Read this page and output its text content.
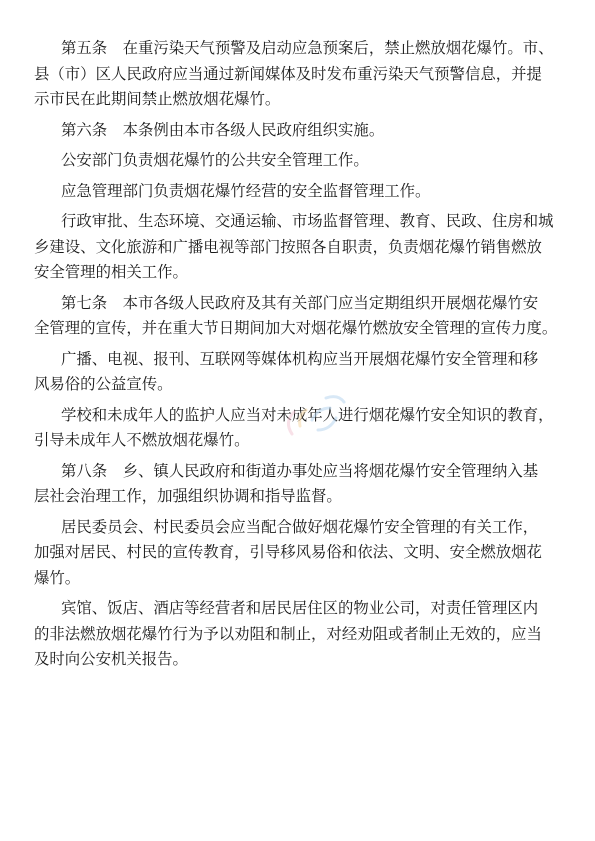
第五条　在重污染天气预警及启动应急预案后，禁止燃放烟花爆竹。市、
县（市）区人民政府应当通过新闻媒体及时发布重污染天气预警信息，并提
示市民在此期间禁止燃放烟花爆竹。
第六条　本条例由本市各级人民政府组织实施。
公安部门负责烟花爆竹的公共安全管理工作。
应急管理部门负责烟花爆竹经营的安全监督管理工作。
行政审批、生态环境、交通运输、市场监督管理、教育、民政、住房和城
乡建设、文化旅游和广播电视等部门按照各自职责，负责烟花爆竹销售燃放
安全管理的相关工作。
第七条　本市各级人民政府及其有关部门应当定期组织开展烟花爆竹安
全管理的宣传，并在重大节日期间加大对烟花爆竹燃放安全管理的宣传力度。
广播、电视、报刊、互联网等媒体机构应当开展烟花爆竹安全管理和移
风易俗的公益宣传。
学校和未成年人的监护人应当对未成年人进行烟花爆竹安全知识的教育，
引导未成年人不燃放烟花爆竹。
第八条　乡、镇人民政府和街道办事处应当将烟花爆竹安全管理纳入基
层社会治理工作，加强组织协调和指导监督。
居民委员会、村民委员会应当配合做好烟花爆竹安全管理的有关工作，
加强对居民、村民的宣传教育，引导移风易俗和依法、文明、安全燃放烟花
爆竹。
宾馆、饭店、酒店等经营者和居民居住区的物业公司，对责任管理区内
的非法燃放烟花爆竹行为予以劝阻和制止，对经劝阻或者制止无效的，应当
及时向公安机关报告。
